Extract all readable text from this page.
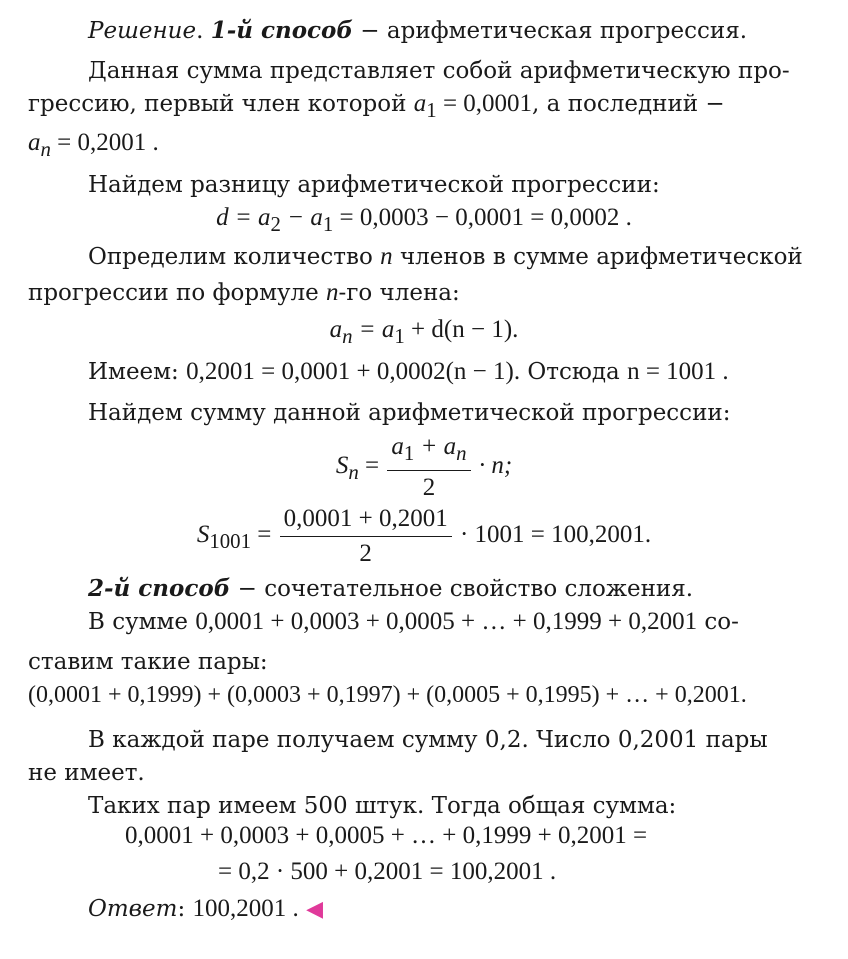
Решение. 1-й способ − арифметическая прогрессия.
Данная сумма представляет собой арифметическую про-
грессию, первый член которой $a_1 = 0,0001$, а последний −
$a_n = 0,2001$ .
Найдем разницу арифметической прогрессии:
$d = a_2 - a_1 = 0,0003 - 0,0001 = 0,0002$ .
Определим количество n членов в сумме арифметической
прогрессии по формуле n-го члена:
$a_n = a_1 + d(n - 1)$.
Имеем: 0,2001 = 0,0001 + 0,0002(n − 1). Отсюда n = 1001 .
Найдем сумму данной арифметической прогрессии:
$S_n = \frac{a_1 + a_n}{2} \cdot n$;
$S_{1001} = \frac{0,0001 + 0,2001}{2} \cdot 1001 = 100,2001$.
2-й способ − сочетательное свойство сложения.
В сумме 0,0001 + 0,0003 + 0,0005 + … + 0,1999 + 0,2001 со-
ставим такие пары:
(0,0001 + 0,1999) + (0,0003 + 0,1997) + (0,0005 + 0,1995) + … + 0,2001.
В каждой паре получаем сумму 0,2. Число 0,2001 пары
не имеет.
Таких пар имеем 500 штук. Тогда общая сумма:
0,0001 + 0,0003 + 0,0005 + … + 0,1999 + 0,2001 =
= 0,2 · 500 + 0,2001 = 100,2001 .
Ответ: 100,2001 . ◀
